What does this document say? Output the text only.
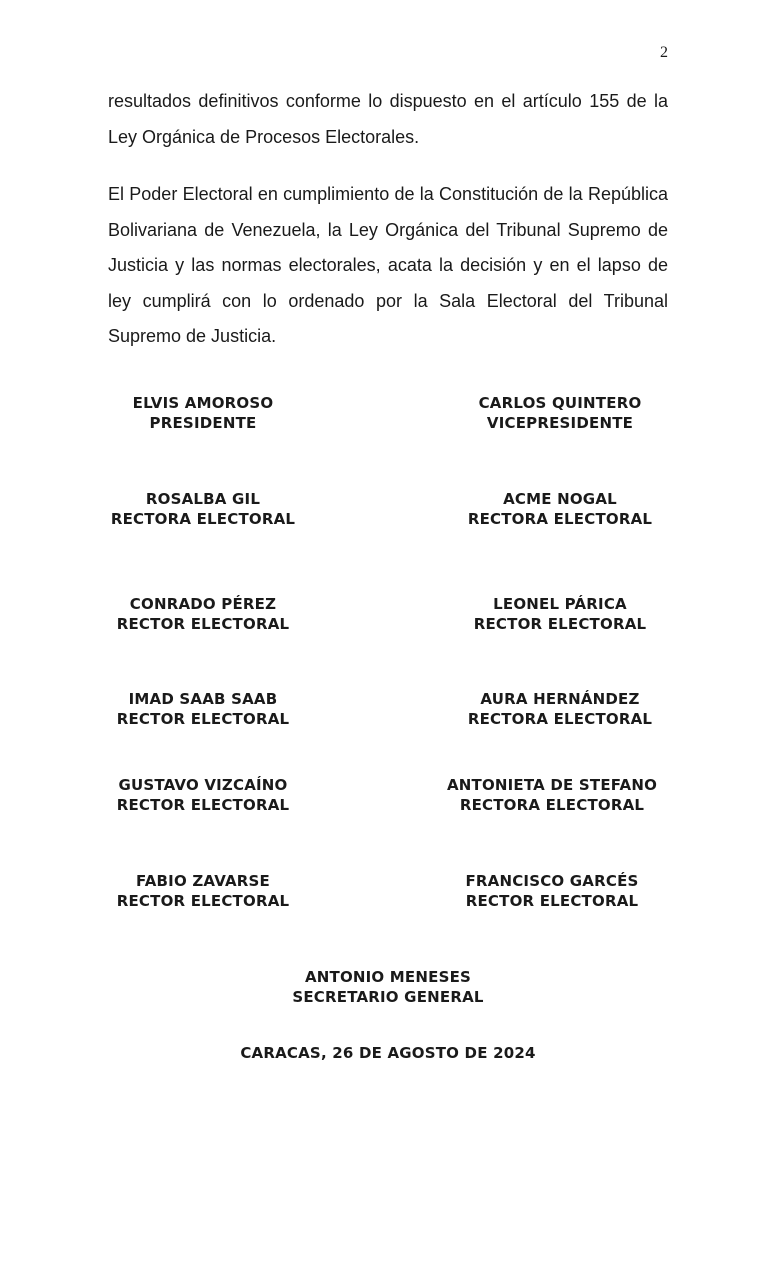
2

resultados definitivos conforme lo dispuesto en el artículo 155 de la Ley Orgánica de Procesos Electorales.

El Poder Electoral en cumplimiento de la Constitución de la República Bolivariana de Venezuela, la Ley Orgánica del Tribunal Supremo de Justicia y las normas electorales, acata la decisión y en el lapso de ley cumplirá con lo ordenado por la Sala Electoral del Tribunal Supremo de Justicia.

ELVIS AMOROSO
PRESIDENTE
CARLOS QUINTERO
VICEPRESIDENTE
ROSALBA GIL
RECTORA ELECTORAL
ACME NOGAL
RECTORA ELECTORAL
CONRADO PÉREZ
RECTOR ELECTORAL
LEONEL PÁRICA
RECTOR ELECTORAL
IMAD SAAB SAAB
RECTOR ELECTORAL
AURA HERNÁNDEZ
RECTORA ELECTORAL
GUSTAVO VIZCAÍNO
RECTOR ELECTORAL
ANTONIETA DE STEFANO
RECTORA ELECTORAL
FABIO ZAVARSE
RECTOR ELECTORAL
FRANCISCO GARCÉS
RECTOR ELECTORAL
ANTONIO MENESES
SECRETARIO GENERAL
CARACAS, 26 DE AGOSTO DE 2024
